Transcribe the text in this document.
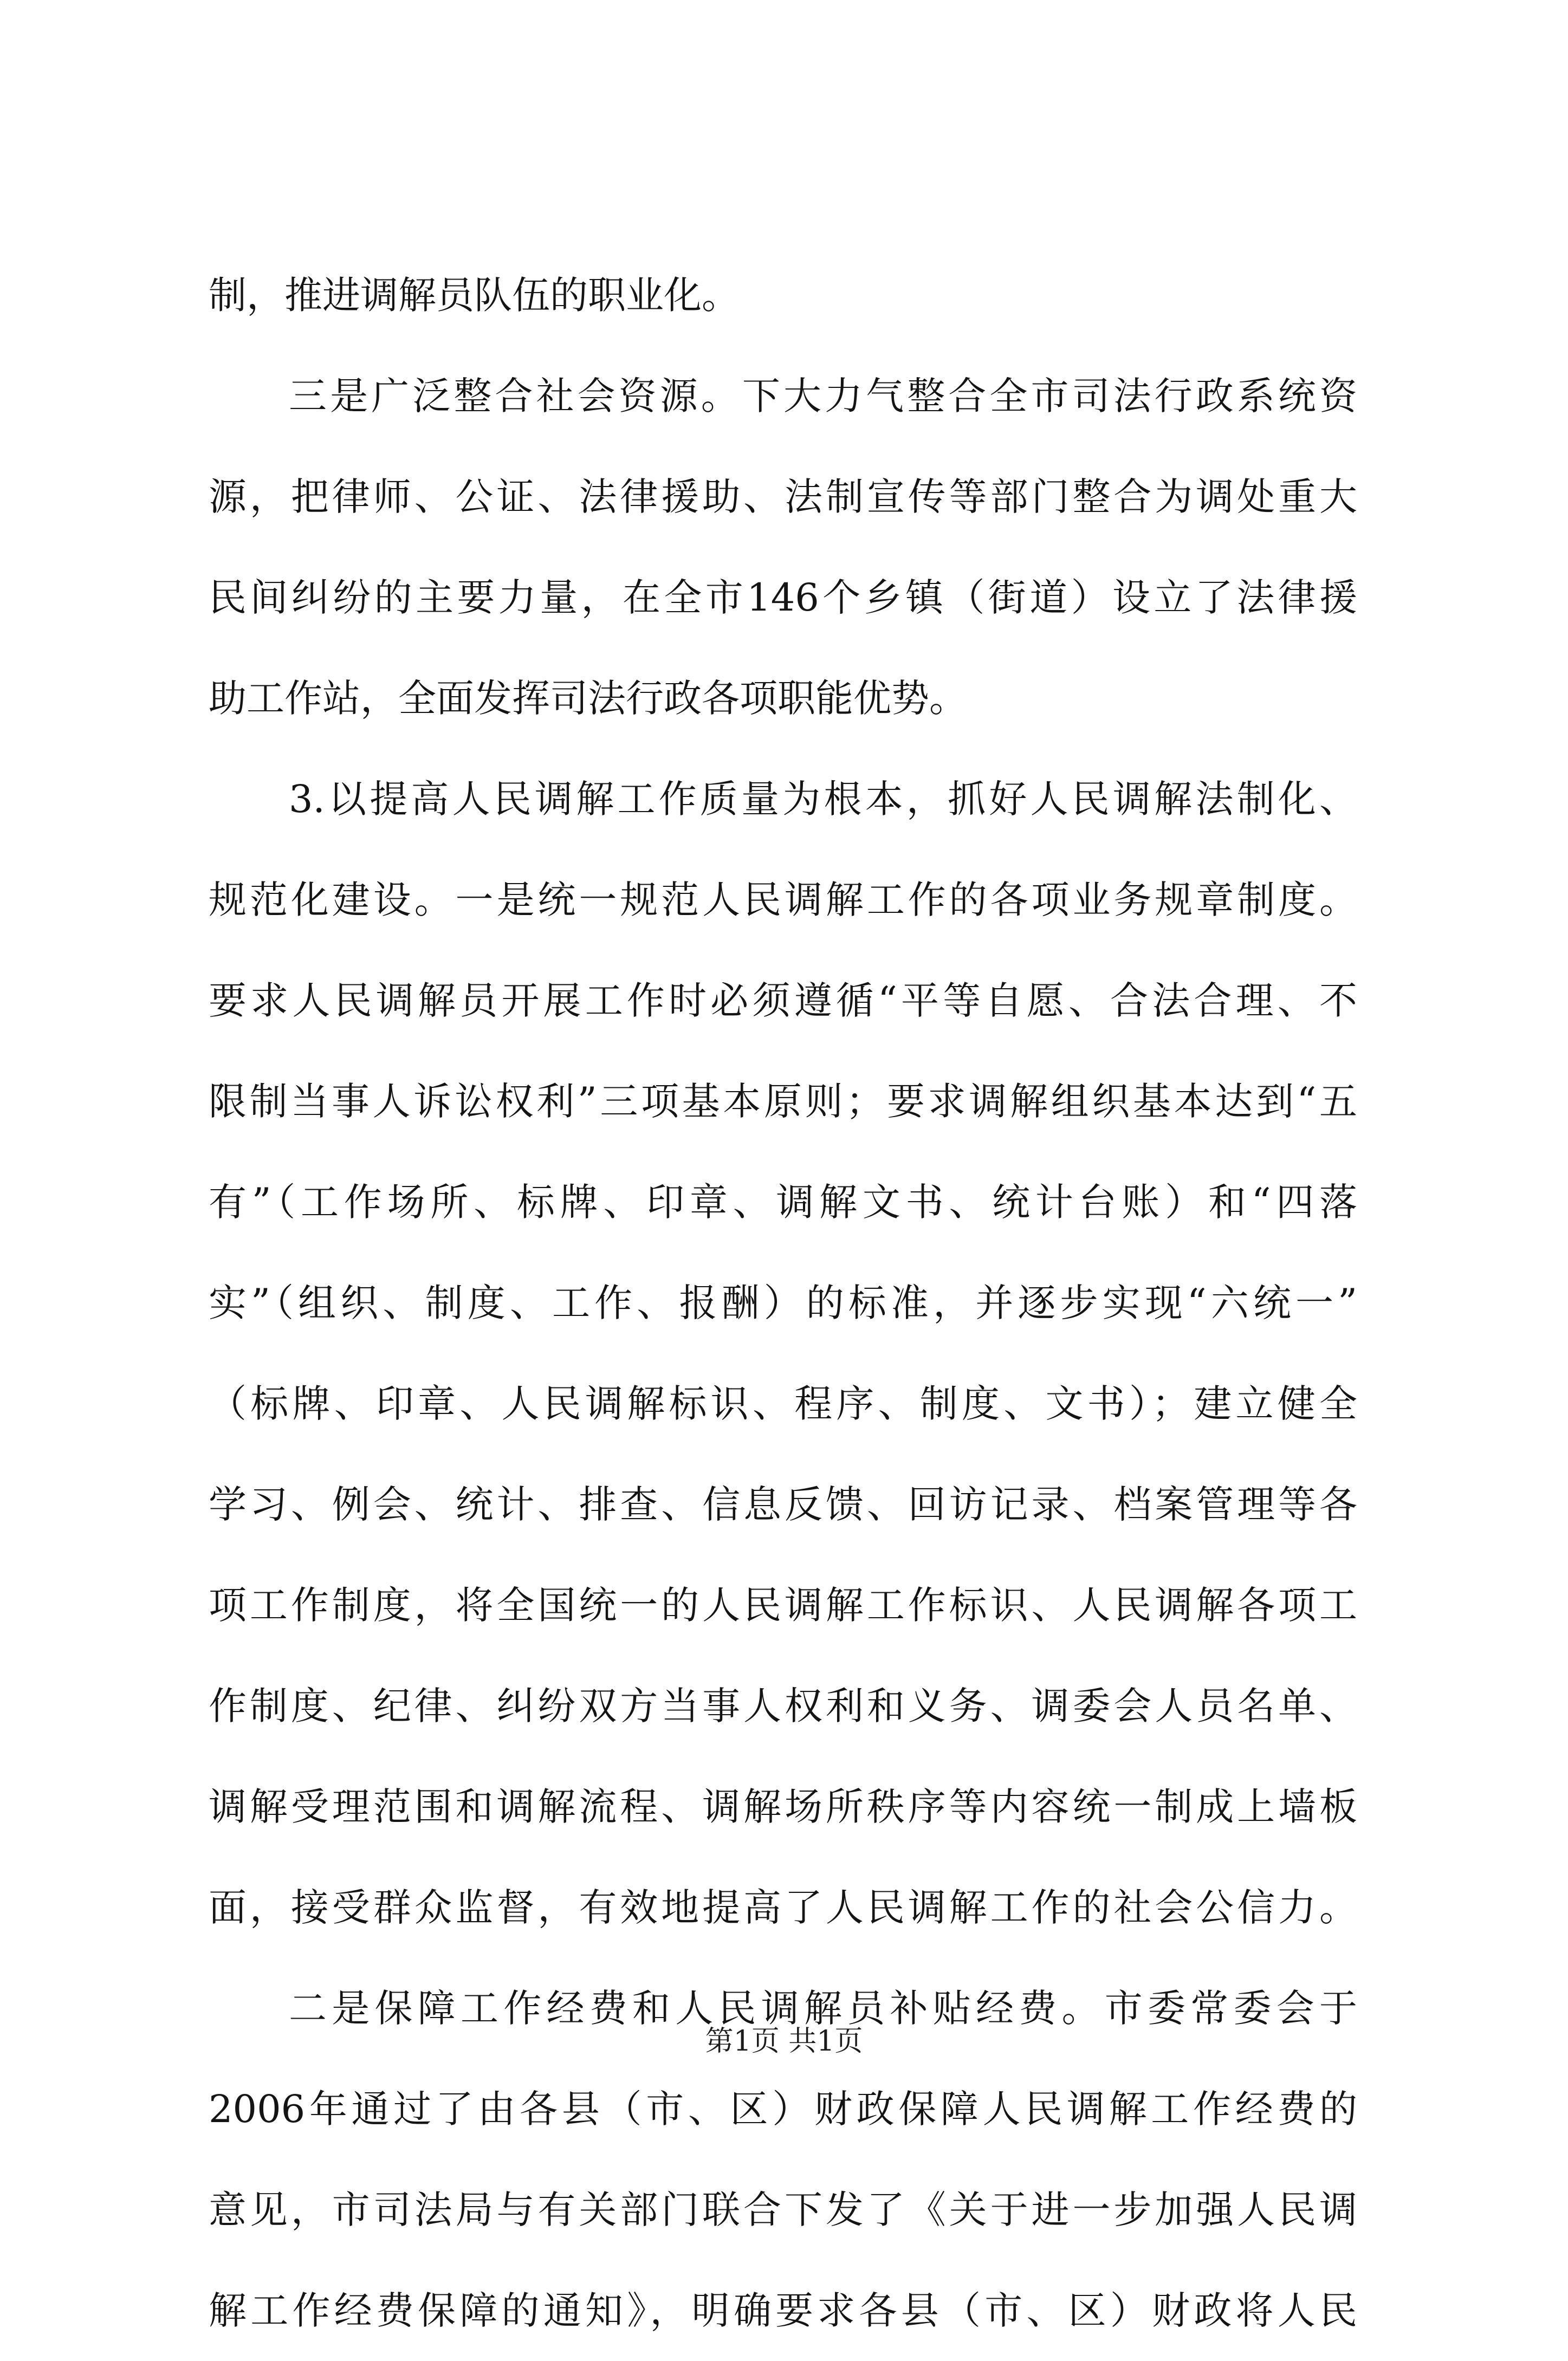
制，推进调解员队伍的职业化。
三是广泛整合社会资源。下大力气整合全市司法行政系统资
源，把律师、公证、法律援助、法制宣传等部门整合为调处重大
民间纠纷的主要力量，在全市146个乡镇（街道）设立了法律援
助工作站，全面发挥司法行政各项职能优势。
3.以提高人民调解工作质量为根本，抓好人民调解法制化、
规范化建设。一是统一规范人民调解工作的各项业务规章制度。
要求人民调解员开展工作时必须遵循“平等自愿、合法合理、不
限制当事人诉讼权利”三项基本原则；要求调解组织基本达到“五
有”（工作场所、标牌、印章、调解文书、统计台账）和“四落
实”（组织、制度、工作、报酬）的标准，并逐步实现“六统一”
（标牌、印章、人民调解标识、程序、制度、文书）；建立健全
学习、例会、统计、排查、信息反馈、回访记录、档案管理等各
项工作制度，将全国统一的人民调解工作标识、人民调解各项工
作制度、纪律、纠纷双方当事人权利和义务、调委会人员名单、
调解受理范围和调解流程、调解场所秩序等内容统一制成上墙板
面，接受群众监督，有效地提高了人民调解工作的社会公信力。
二是保障工作经费和人民调解员补贴经费。市委常委会于
2006年通过了由各县（市、区）财政保障人民调解工作经费的
意见，市司法局与有关部门联合下发了《关于进一步加强人民调
解工作经费保障的通知》，明确要求各县（市、区）财政将人民
第1页 共1页
